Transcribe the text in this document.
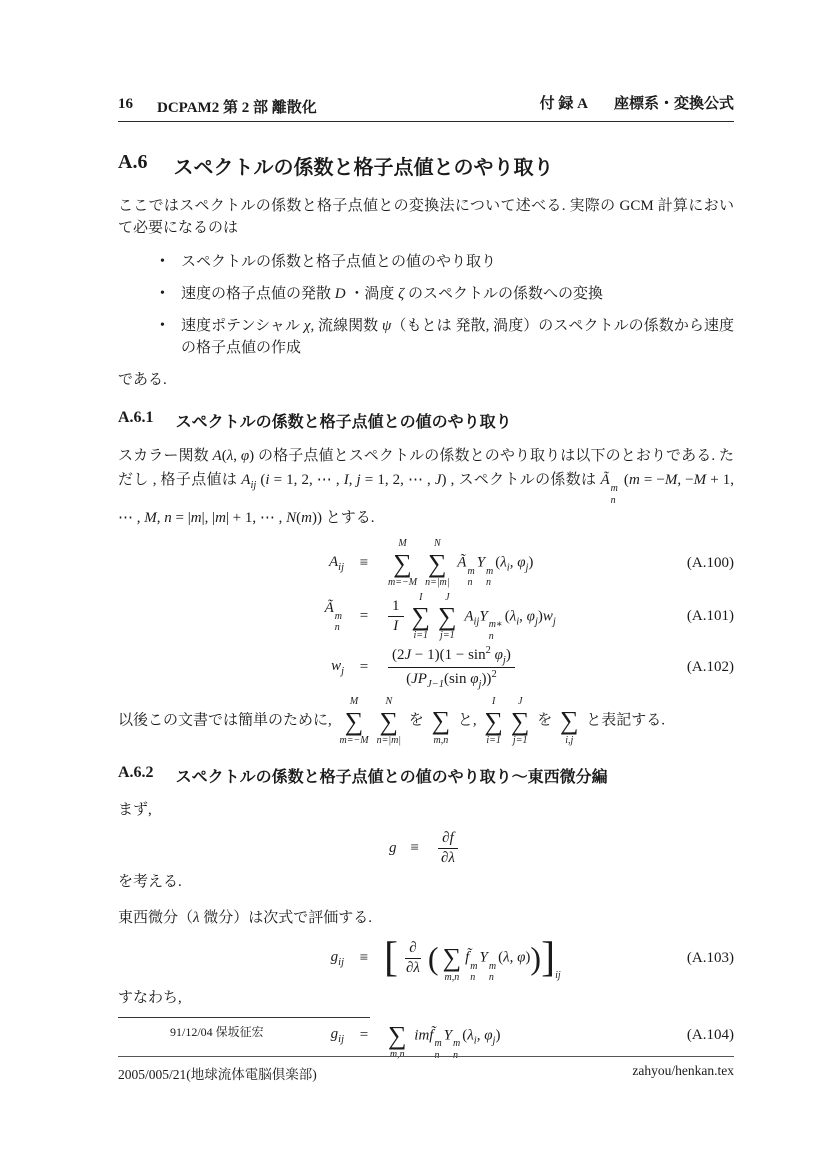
16 DCPAM2 第 2 部 離散化	付 録 A 座標系・変換公式
A.6 スペクトルの係数と格子点値とのやり取り

ここではスペクトルの係数と格子点値との変換法について述べる. 実際の GCM 計算において必要になるのは

•	スペクトルの係数と格子点値との値のやり取り
•	速度の格子点値の発散 D ・渦度 ζ のスペクトルの係数への変換
•	速度ポテンシャル χ, 流線関数 ψ（もとは 発散, 渦度）のスペクトルの係数から速度の格子点値の作成

である.

A.6.1 スペクトルの係数と格子点値との値のやり取り

スカラー関数 A(λ, φ) の格子点値とスペクトルの係数とのやり取りは以下のとおりである. ただし , 格子点値は $A_{ij}$ (i = 1, 2, ⋯ , I, j = 1, 2, ⋯ , J) , スペクトルの係数は Ã
m
n
(m = −M, −M + 1, ⋯ , M, n = |m|, |m| + 1, ⋯ , N(m)) とする.

$A_{ij}$	≡
M
∑
m=−M
N
∑
n=|m|
Ã
m
n
Y
m
n
($\lambda_i$, $\varphi_j$)	(A.100)
Ã
m
n
=	$\frac{1}{I}$
I
∑
i=1
J
∑
j=1
$A_{ij}Y$
m∗
n
($\lambda_i$, $\varphi_j)w_j$	(A.101)
$w_j$	=
$(2J - 1)(1 - \sin^2 \varphi_j)$
($JP_{J-1}(\sin$ $\varphi_j))^2$	(A.102)

以後この文書では簡単のために,
M
∑
m=−M
N
∑
n=|m|
を ∑
m,n
と,
I
∑
i=1
J
∑
j=1
を ∑
i,j
と表記する.

A.6.2 スペクトルの係数と格子点値との値のやり取り～東西微分編

まず,

$g \equiv \frac{\partial f}{\partial\lambda}$

を考える.

東西微分（λ 微分）は次式で評価する.

$g_{ij}$	≡ [ ∂
∂λ ( ∑
m,n
f̃
m
n
Y
m
n
(λ, φ))]ij
(A.103)

すなわち,

$g_{ij}$	= ∑
m,n
imf̃
m
n
Y
m
n
($\lambda_i$, $\varphi_j$)	(A.104)
91/12/04 保坂征宏
2005/005/21(地球流体電脳倶楽部)	zahyou/henkan.tex
